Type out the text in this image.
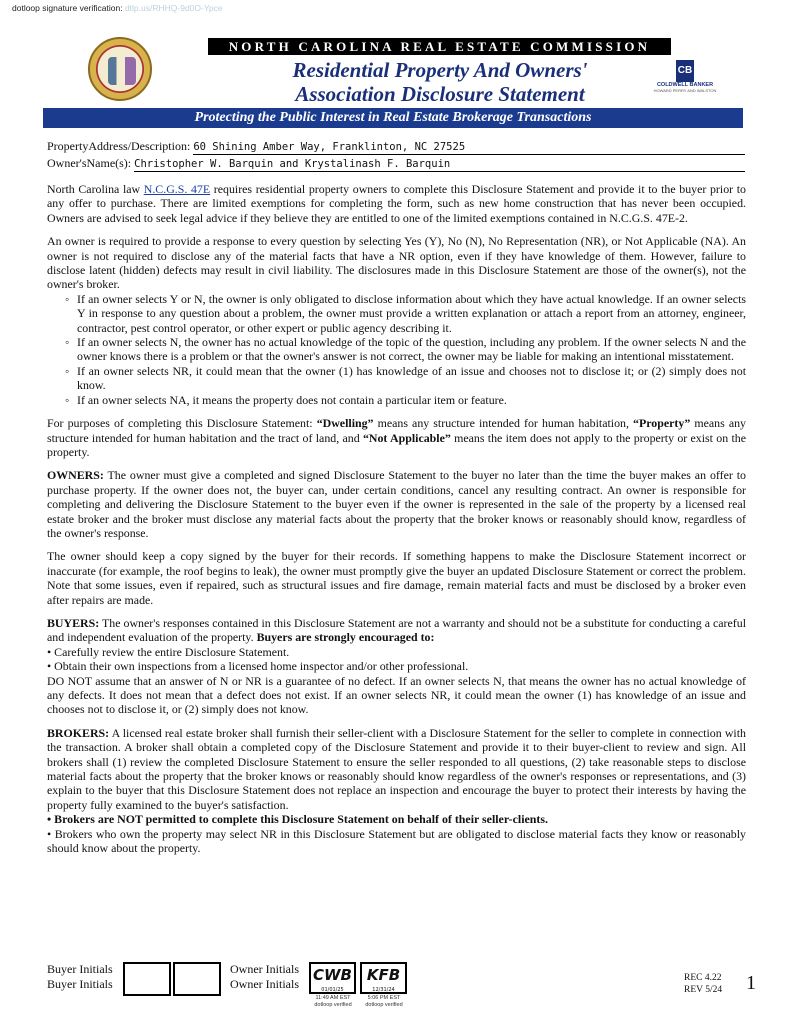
dotloop signature verification: dtlp.us/RHHQ-9d0O-Ypce
NORTH CAROLINA REAL ESTATE COMMISSION
Residential Property And Owners'
Association Disclosure Statement
CB
COLDWELL BANKER
HOWARD PERRY AND WALSTON
Protecting the Public Interest in Real Estate Brokerage Transactions
PropertyAddress/Description: 60 Shining Amber Way, Franklinton, NC 27525
Owner'sName(s): Christopher W. Barquin and Krystalinash F. Barquin

North Carolina law N.C.G.S. 47E requires residential property owners to complete this Disclosure Statement and provide it to the buyer prior to any offer to purchase. There are limited exemptions for completing the form, such as new home construction that has never been occupied. Owners are advised to seek legal advice if they believe they are entitled to one of the limited exemptions contained in N.C.G.S. 47E-2.

An owner is required to provide a response to every question by selecting Yes (Y), No (N), No Representation (NR), or Not Applicable (NA). An owner is not required to disclose any of the material facts that have a NR option, even if they have knowledge of them. However, failure to disclose latent (hidden) defects may result in civil liability. The disclosures made in this Disclosure Statement are those of the owner(s), not the owner's broker.

◦ If an owner selects Y or N, the owner is only obligated to disclose information about which they have actual knowledge. If an owner selects Y in response to any question about a problem, the owner must provide a written explanation or attach a report from an attorney, engineer, contractor, pest control operator, or other expert or public agency describing it.
◦ If an owner selects N, the owner has no actual knowledge of the topic of the question, including any problem. If the owner selects N and the owner knows there is a problem or that the owner's answer is not correct, the owner may be liable for making an intentional misstatement.
◦ If an owner selects NR, it could mean that the owner (1) has knowledge of an issue and chooses not to disclose it; or (2) simply does not know.
◦ If an owner selects NA, it means the property does not contain a particular item or feature.

For purposes of completing this Disclosure Statement: “Dwelling” means any structure intended for human habitation, “Property” means any structure intended for human habitation and the tract of land, and “Not Applicable” means the item does not apply to the property or exist on the property.

OWNERS: The owner must give a completed and signed Disclosure Statement to the buyer no later than the time the buyer makes an offer to purchase property. If the owner does not, the buyer can, under certain conditions, cancel any resulting contract. An owner is responsible for completing and delivering the Disclosure Statement to the buyer even if the owner is represented in the sale of the property by a licensed real estate broker and the broker must disclose any material facts about the property that the broker knows or reasonably should know, regardless of the owner's response.

The owner should keep a copy signed by the buyer for their records. If something happens to make the Disclosure Statement incorrect or inaccurate (for example, the roof begins to leak), the owner must promptly give the buyer an updated Disclosure Statement or correct the problem. Note that some issues, even if repaired, such as structural issues and fire damage, remain material facts and must be disclosed by a broker even after repairs are made.

BUYERS: The owner's responses contained in this Disclosure Statement are not a warranty and should not be a substitute for conducting a careful and independent evaluation of the property. Buyers are strongly encouraged to:
• Carefully review the entire Disclosure Statement.
• Obtain their own inspections from a licensed home inspector and/or other professional.
DO NOT assume that an answer of N or NR is a guarantee of no defect. If an owner selects N, that means the owner has no actual knowledge of any defects. It does not mean that a defect does not exist. If an owner selects NR, it could mean the owner (1) has knowledge of an issue and chooses not to disclose it, or (2) simply does not know.

BROKERS: A licensed real estate broker shall furnish their seller-client with a Disclosure Statement for the seller to complete in connection with the transaction. A broker shall obtain a completed copy of the Disclosure Statement and provide it to their buyer-client to review and sign. All brokers shall (1) review the completed Disclosure Statement to ensure the seller responded to all questions, (2) take reasonable steps to disclose material facts about the property that the broker knows or reasonably should know regardless of the owner's responses or representations, and (3) explain to the buyer that this Disclosure Statement does not replace an inspection and encourage the buyer to protect their interests by having the property fully examined to the buyer's satisfaction.
• Brokers are NOT permitted to complete this Disclosure Statement on behalf of their seller-clients.
• Brokers who own the property may select NR in this Disclosure Statement but are obligated to disclose material facts they know or reasonably should know about the property.

Buyer Initials
Buyer Initials
Owner Initials
Owner Initials CWB
01/01/25
KFB
12/31/24
11:49 AM EST
dotloop verified
5:06 PM EST
dotloop verified
REC 4.22
REV 5/24 1
